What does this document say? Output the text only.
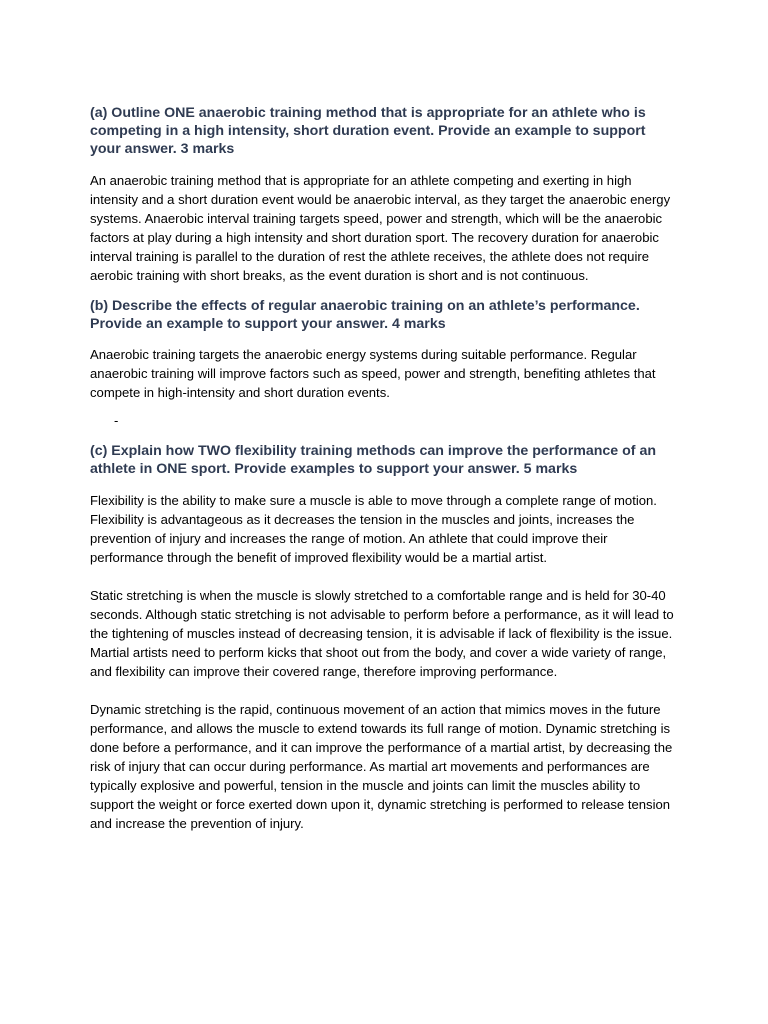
(a) Outline ONE anaerobic training method that is appropriate for an athlete who is competing in a high intensity, short duration event. Provide an example to support your answer. 3 marks

An anaerobic training method that is appropriate for an athlete competing and exerting in high intensity and a short duration event would be anaerobic interval, as they target the anaerobic energy systems. Anaerobic interval training targets speed, power and strength, which will be the anaerobic factors at play during a high intensity and short duration sport. The recovery duration for anaerobic interval training is parallel to the duration of rest the athlete receives, the athlete does not require aerobic training with short breaks, as the event duration is short and is not continuous.

(b) Describe the effects of regular anaerobic training on an athlete’s performance. Provide an example to support your answer. 4 marks

Anaerobic training targets the anaerobic energy systems during suitable performance. Regular anaerobic training will improve factors such as speed, power and strength, benefiting athletes that compete in high-intensity and short duration events.

-

(c) Explain how TWO flexibility training methods can improve the performance of an athlete in ONE sport. Provide examples to support your answer. 5 marks

Flexibility is the ability to make sure a muscle is able to move through a complete range of motion. Flexibility is advantageous as it decreases the tension in the muscles and joints, increases the prevention of injury and increases the range of motion. An athlete that could improve their performance through the benefit of improved flexibility would be a martial artist.

Static stretching is when the muscle is slowly stretched to a comfortable range and is held for 30-40 seconds. Although static stretching is not advisable to perform before a performance, as it will lead to the tightening of muscles instead of decreasing tension, it is advisable if lack of flexibility is the issue. Martial artists need to perform kicks that shoot out from the body, and cover a wide variety of range, and flexibility can improve their covered range, therefore improving performance.

Dynamic stretching is the rapid, continuous movement of an action that mimics moves in the future performance, and allows the muscle to extend towards its full range of motion. Dynamic stretching is done before a performance, and it can improve the performance of a martial artist, by decreasing the risk of injury that can occur during performance. As martial art movements and performances are typically explosive and powerful, tension in the muscle and joints can limit the muscles ability to support the weight or force exerted down upon it, dynamic stretching is performed to release tension and increase the prevention of injury.
